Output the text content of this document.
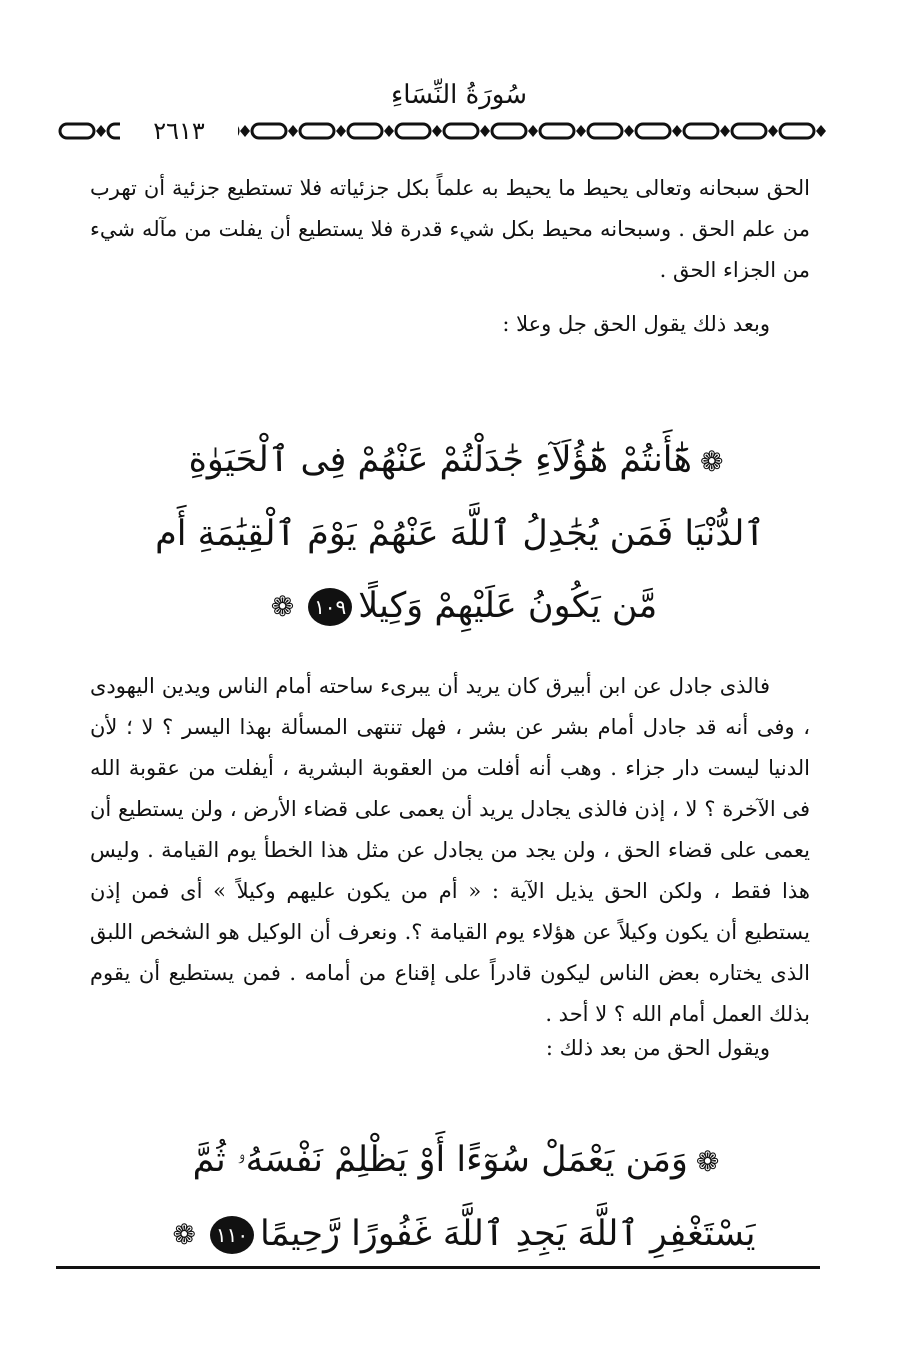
سُورَةُ النِّسَاءِ
٢٦١٣

الحق سبحانه وتعالى يحيط ما يحيط به علماً بكل جزئياته فلا تستطيع جزئية أن تهرب من علم الحق . وسبحانه محيط بكل شيء قدرة فلا يستطيع أن يفلت من مآله شيء من الجزاء الحق .

وبعد ذلك يقول الحق جل وعلا :

❁هَٰٓأَنتُمْ هَٰٓؤُلَآءِ جَٰدَلْتُمْ عَنْهُمْ فِى ٱلْحَيَوٰةِ ٱلدُّنْيَا فَمَن يُجَٰدِلُ ٱللَّهَ عَنْهُمْ يَوْمَ ٱلْقِيَٰمَةِ أَم مَّن يَكُونُ عَلَيْهِمْ وَكِيلًا١٠٩❁

فالذى جادل عن ابن أبيرق كان يريد أن يبرىء ساحته أمام الناس ويدين اليهودى ، وفى أنه قد جادل أمام بشر عن بشر ، فهل تنتهى المسألة بهذا اليسر ؟ لا ؛ لأن الدنيا ليست دار جزاء . وهب أنه أفلت من العقوبة البشرية ، أيفلت من عقوبة الله فى الآخرة ؟ لا ، إذن فالذى يجادل يريد أن يعمى على قضاء الأرض ، ولن يستطيع أن يعمى على قضاء الحق ، ولن يجد من يجادل عن مثل هذا الخطأ يوم القيامة . وليس هذا فقط ، ولكن الحق يذيل الآية : « أم من يكون عليهم وكيلاً » أى فمن إذن يستطيع أن يكون وكيلاً عن هؤلاء يوم القيامة ؟. ونعرف أن الوكيل هو الشخص اللبق الذى يختاره بعض الناس ليكون قادراً على إقناع من أمامه . فمن يستطيع أن يقوم بذلك العمل أمام الله ؟ لا أحد .

ويقول الحق من بعد ذلك :

❁وَمَن يَعْمَلْ سُوٓءًا أَوْ يَظْلِمْ نَفْسَهُۥ ثُمَّ يَسْتَغْفِرِ ٱللَّهَ يَجِدِ ٱللَّهَ غَفُورًا رَّحِيمًا١١٠❁
